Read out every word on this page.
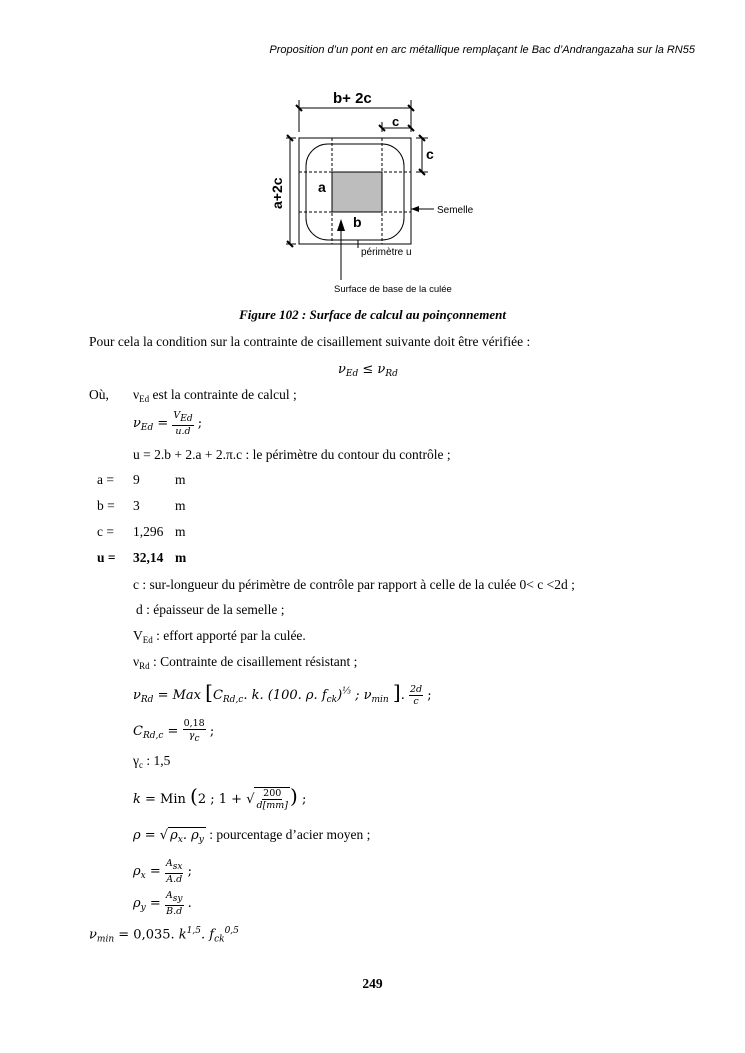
Proposition d’un pont en arc métallique remplaçant le Bac d’Andrangazaha sur la RN55
b+ 2c
c
c
a+2c a
b
Semelle
périmètre u
Surface de base de la culée
Figure 102 : Surface de calcul au poinçonnement
Pour cela la condition sur la contrainte de cisaillement suivante doit être vérifiée :
$\nu_{Ed} \le \nu_{Rd}$
Où, $\nu_{Ed}$ est la contrainte de calcul ;
$\nu_{Ed} = \frac{V_{Ed}}{u.d}$ ;
u = 2.b + 2.a + 2.π.c : le périmètre du contour du contrôle ;
a = 9	m
b = 3	m
c = 1,296 m
u = 32,14 m
c : sur-longueur du périmètre de contrôle par rapport à celle de la culée 0< c <2d ;
d : épaisseur de la semelle ;
$V_{Ed}$ : effort apporté par la culée.
$\nu_{Rd}$ : Contrainte de cisaillement résistant ;
$\nu_{Rd}$ = Max [$C_{Rd,c}$. k. (100. ρ. $f_{ck})^{\frac{1}{3}}$ ; $\nu_{min}$ ]. $\frac{2d}{c}$ ;
$C_{Rd,c} = \frac{0,18}{\gamma_c}$ ;
$\gamma_c$ : 1,5
k = Min (2 ; 1 + √ $\frac{200}{d[mm]}$ ) ;
ρ = √ $\rho_x$. $\rho_y$ : pourcentage d’acier moyen ;
$\rho_x = \frac{A_{sx}}{A.d}$ ;
$\rho_y = \frac{A_{sy}}{B.d}$ .
$\nu_{min} = 0,035$. $k^{1,5}$. $f_{ck}^{0,5}$
249
